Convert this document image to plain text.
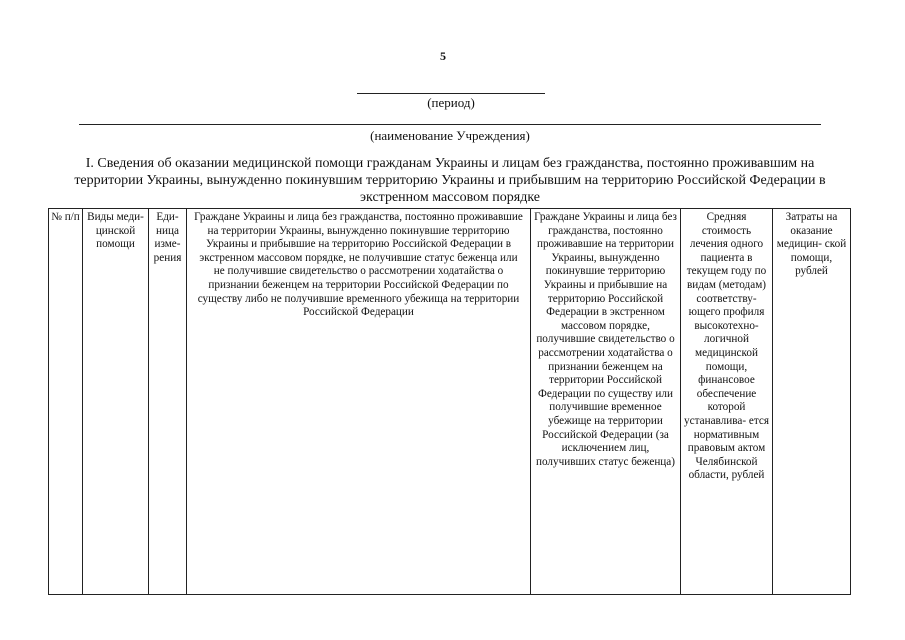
5
(период)
(наименование Учреждения)
I. Сведения об оказании медицинской помощи гражданам Украины и лицам без гражданства, постоянно проживавшим на территории Украины, вынужденно покинувшим территорию Украины и прибывшим на территорию Российской Федерации в экстренном массовом порядке
№ п/п	Виды меди- цинской помощи	Еди- ница изме- рения	Граждане Украины и лица без гражданства, постоянно проживавшие на территории Украины, вынужденно покинувшие территорию Украины и прибывшие на территорию Российской Федерации в экстренном массовом порядке, не получившие статус беженца или не получившие свидетельство о рассмотрении ходатайства о признании беженцем на территории Российской Федерации по существу либо не получившие временного убежища на территории Российской Федерации	Граждане Украины и лица без гражданства, постоянно проживавшие на территории Украины, вынужденно покинувшие территорию Украины и прибывшие на территорию Российской Федерации в экстренном массовом порядке, получившие свидетельство о рассмотрении ходатайства о признании беженцем на территории Российской Федерации по существу или получившие временное убежище на территории Российской Федерации (за исключением лиц, получивших статус беженца)	Средняя стоимость лечения одного пациента в текущем году по видам (методам) соответству- ющего профиля высокотехно- логичной медицинской помощи, финансовое обеспечение которой устанавлива- ется нормативным правовым актом Челябинской области, рублей	Затраты на оказание медицин- ской помощи, рублей
